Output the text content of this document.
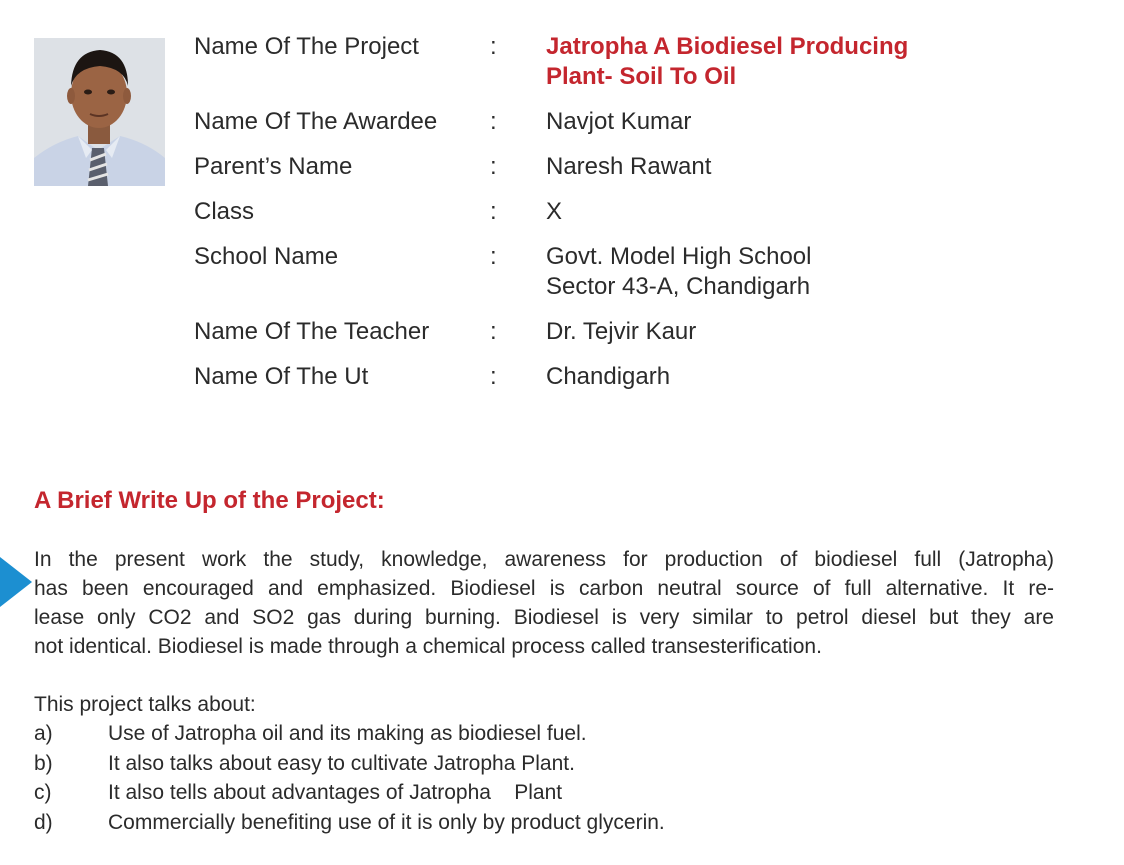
Name Of The Project	:	Jatropha A Biodiesel Producing
Plant- Soil To Oil
Name Of The Awardee	:	Navjot Kumar
Parent’s Name	:	Naresh Rawant
Class	:	X
School Name	:	Govt. Model High School
Sector 43-A, Chandigarh
Name Of The Teacher	:	Dr. Tejvir Kaur
Name Of The Ut	:	Chandigarh
A Brief Write Up of the Project:
In the present work the study, knowledge, awareness for production of biodiesel full (Jatropha)
has been encouraged and emphasized. Biodiesel is carbon neutral source of full alternative. It re-
lease only CO2 and SO2 gas during burning. Biodiesel is very similar to petrol diesel but they are
not identical. Biodiesel is made through a chemical process called transesterification.
This project talks about:
a)	Use of Jatropha oil and its making as biodiesel fuel.
b)	It also talks about easy to cultivate Jatropha Plant.
c)	It also tells about advantages of Jatropha    Plant
d)	Commercially benefiting use of it is only by product glycerin.
